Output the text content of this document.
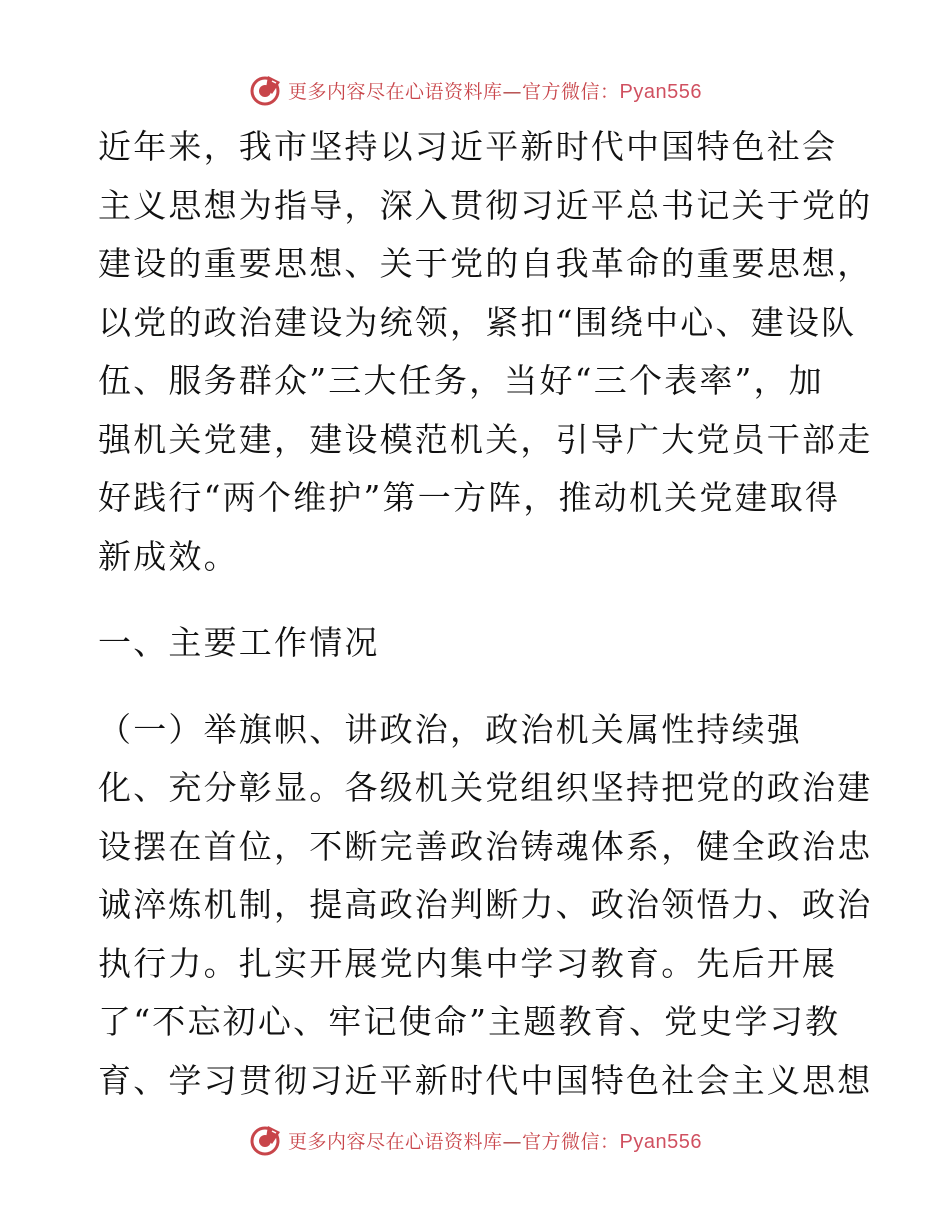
更多内容尽在心语资料库—官方微信：Pyan556
近年来，我市坚持以习近平新时代中国特色社会
主义思想为指导，深入贯彻习近平总书记关于党的
建设的重要思想、关于党的自我革命的重要思想，
以党的政治建设为统领，紧扣“围绕中心、建设队
伍、服务群众”三大任务，当好“三个表率”，加
强机关党建，建设模范机关，引导广大党员干部走
好践行“两个维护”第一方阵，推动机关党建取得
新成效。
一、主要工作情况
（一）举旗帜、讲政治，政治机关属性持续强
化、充分彰显。各级机关党组织坚持把党的政治建
设摆在首位，不断完善政治铸魂体系，健全政治忠
诚淬炼机制，提高政治判断力、政治领悟力、政治
执行力。扎实开展党内集中学习教育。先后开展
了“不忘初心、牢记使命”主题教育、党史学习教
育、学习贯彻习近平新时代中国特色社会主义思想
更多内容尽在心语资料库—官方微信：Pyan556
